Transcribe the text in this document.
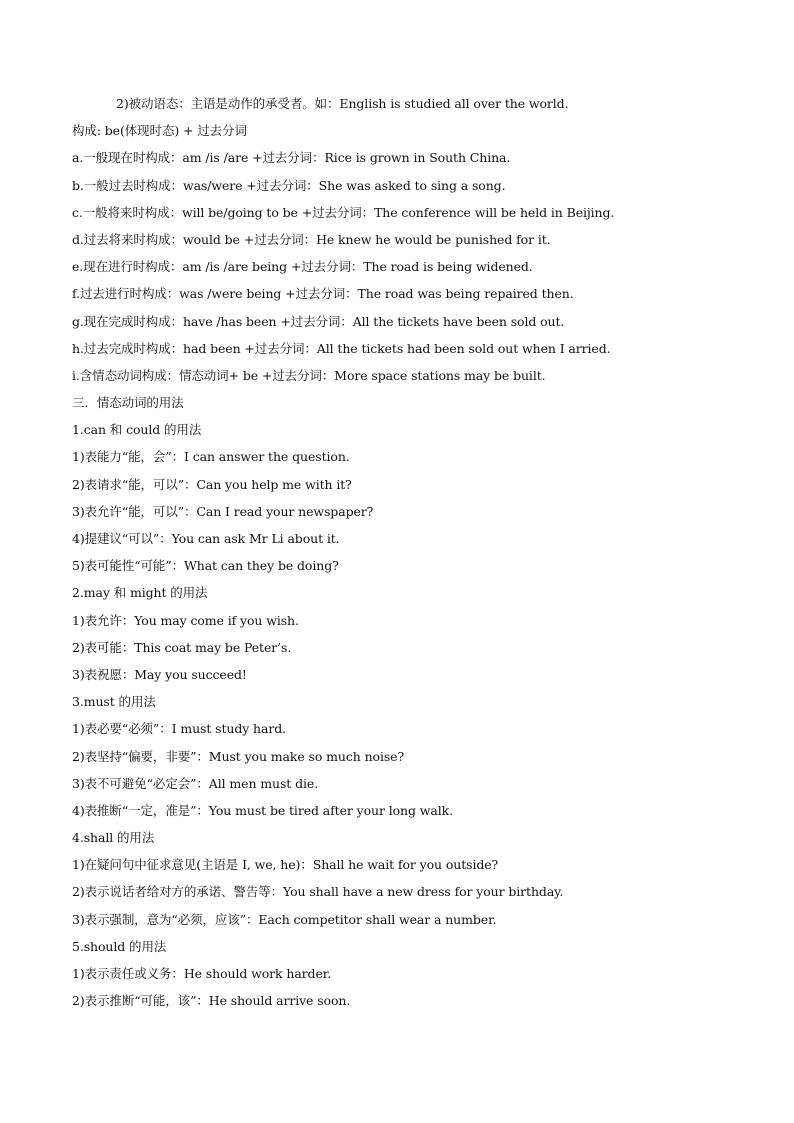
2)被动语态：主语是动作的承受者。如：English is studied all over the world.
构成: be(体现时态) + 过去分词
a.一般现在时构成：am /is /are +过去分词：Rice is grown in South China.
b.一般过去时构成：was/were +过去分词：She was asked to sing a song.
c.一般将来时构成：will be/going to be +过去分词：The conference will be held in Beijing.
d.过去将来时构成：would be +过去分词：He knew he would be punished for it.
e.现在进行时构成：am /is /are being +过去分词：The road is being widened.
f.过去进行时构成：was /were being +过去分词：The road was being repaired then.
g.现在完成时构成：have /has been +过去分词：All the tickets have been sold out.
h.过去完成时构成：had been +过去分词：All the tickets had been sold out when I arried.
i.含情态动词构成：情态动词+ be +过去分词：More space stations may be built.
三．情态动词的用法
1.can 和 could 的用法
1)表能力“能，会”：I can answer the question.
2)表请求“能，可以”：Can you help me with it?
3)表允许“能，可以”：Can I read your newspaper?
4)提建议“可以”：You can ask Mr Li about it.
5)表可能性“可能”：What can they be doing?
2.may 和 might 的用法
1)表允许：You may come if you wish.
2)表可能：This coat may be Peter’s.
3)表祝愿：May you succeed!
3.must 的用法
1)表必要“必须”：I must study hard.
2)表坚持“偏要，非要”：Must you make so much noise?
3)表不可避免“必定会”：All men must die.
4)表推断“一定，准是”：You must be tired after your long walk.
4.shall 的用法
1)在疑问句中征求意见(主语是 I, we, he)：Shall he wait for you outside?
2)表示说话者给对方的承诺、警告等：You shall have a new dress for your birthday.
3)表示强制，意为“必须，应该”：Each competitor shall wear a number.
5.should 的用法
1)表示责任或义务：He should work harder.
2)表示推断“可能，该”：He should arrive soon.
